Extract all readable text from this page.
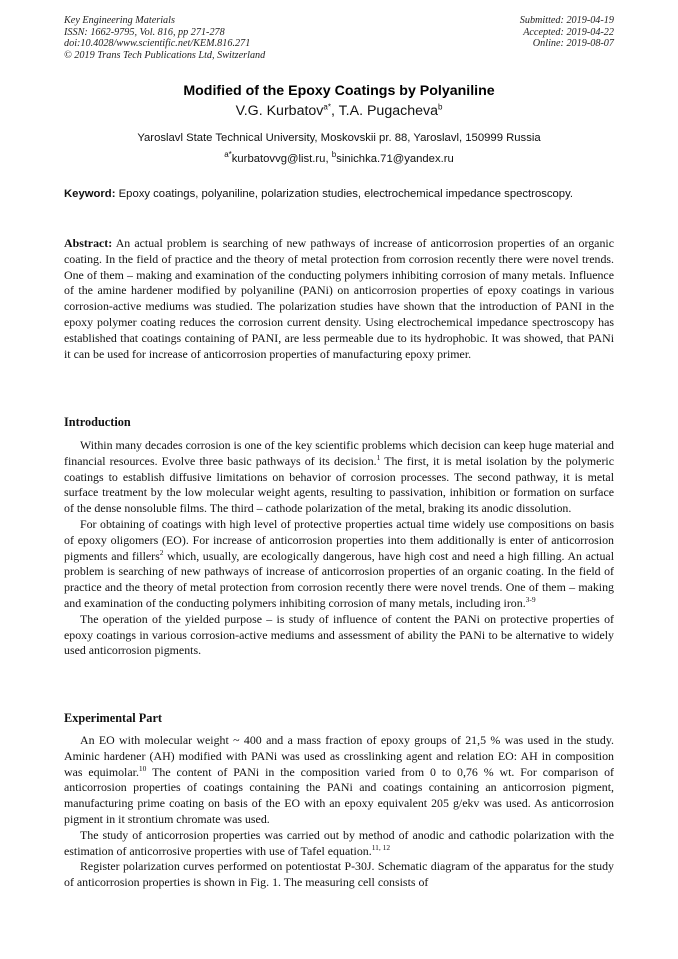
Key Engineering Materials
ISSN: 1662-9795, Vol. 816, pp 271-278
doi:10.4028/www.scientific.net/KEM.816.271
© 2019 Trans Tech Publications Ltd, Switzerland
Submitted: 2019-04-19
Accepted: 2019-04-22
Online: 2019-08-07
Modified of the Epoxy Coatings by Polyaniline
V.G. Kurbatov$^{a*}$, T.A. Pugacheva$^b$
Yaroslavl State Technical University, Moskovskii pr. 88, Yaroslavl, 150999 Russia
$^{a*}$kurbatovvg@list.ru, $^b$sinichka.71@yandex.ru
Keyword: Epoxy coatings, polyaniline, polarization studies, electrochemical impedance spectroscopy.

Abstract: An actual problem is searching of new pathways of increase of anticorrosion properties of an organic coating. In the field of practice and the theory of metal protection from corrosion recently there were novel trends. One of them – making and examination of the conducting polymers inhibiting corrosion of many metals. Influence of the amine hardener modified by polyaniline (PANi) on anticorrosion properties of epoxy coatings in various corrosion-active mediums was studied. The polarization studies have shown that the introduction of PANI in the epoxy polymer coating reduces the corrosion current density. Using electrochemical impedance spectroscopy has established that coatings containing of PANI, are less permeable due to its hydrophobic. It was showed, that PANi it can be used for increase of anticorrosion properties of manufacturing epoxy primer.

Introduction

Within many decades corrosion is one of the key scientific problems which decision can keep huge material and financial resources. Evolve three basic pathways of its decision.$^1$ The first, it is metal isolation by the polymeric coatings to establish diffusive limitations on behavior of corrosion processes. The second pathway, it is metal surface treatment by the low molecular weight agents, resulting to passivation, inhibition or formation on surface of the dense nonsoluble films. The third – cathode polarization of the metal, braking its anodic dissolution.

For obtaining of coatings with high level of protective properties actual time widely use compositions on basis of epoxy oligomers (EO). For increase of anticorrosion properties into them additionally is enter of anticorrosion pigments and fillers$^2$ which, usually, are ecologically dangerous, have high cost and need a high filling. An actual problem is searching of new pathways of increase of anticorrosion properties of an organic coating. In the field of practice and the theory of metal protection from corrosion recently there were novel trends. One of them – making and examination of the conducting polymers inhibiting corrosion of many metals, including iron.$^{3-9}$

The operation of the yielded purpose – is study of influence of content the PANi on protective properties of epoxy coatings in various corrosion-active mediums and assessment of ability the PANi to be alternative to widely used anticorrosion pigments.

Experimental Part

An EO with molecular weight ~ 400 and a mass fraction of epoxy groups of 21,5 % was used in the study. Aminic hardener (AH) modified with PANi was used as crosslinking agent and relation EO: AH in composition was equimolar.$^{10}$ The content of PANi in the composition varied from 0 to 0,76 % wt. For comparison of anticorrosion properties of coatings containing the PANi and coatings containing an anticorrosion pigment, manufacturing prime coating on basis of the EO with an epoxy equivalent 205 g/ekv was used. As anticorrosion pigment in it strontium chromate was used.

The study of anticorrosion properties was carried out by method of anodic and cathodic polarization with the estimation of anticorrosive properties with use of Tafel equation.$^{11, 12}$

Register polarization curves performed on potentiostat P-30J. Schematic diagram of the apparatus for the study of anticorrosion properties is shown in Fig. 1. The measuring cell consists of
